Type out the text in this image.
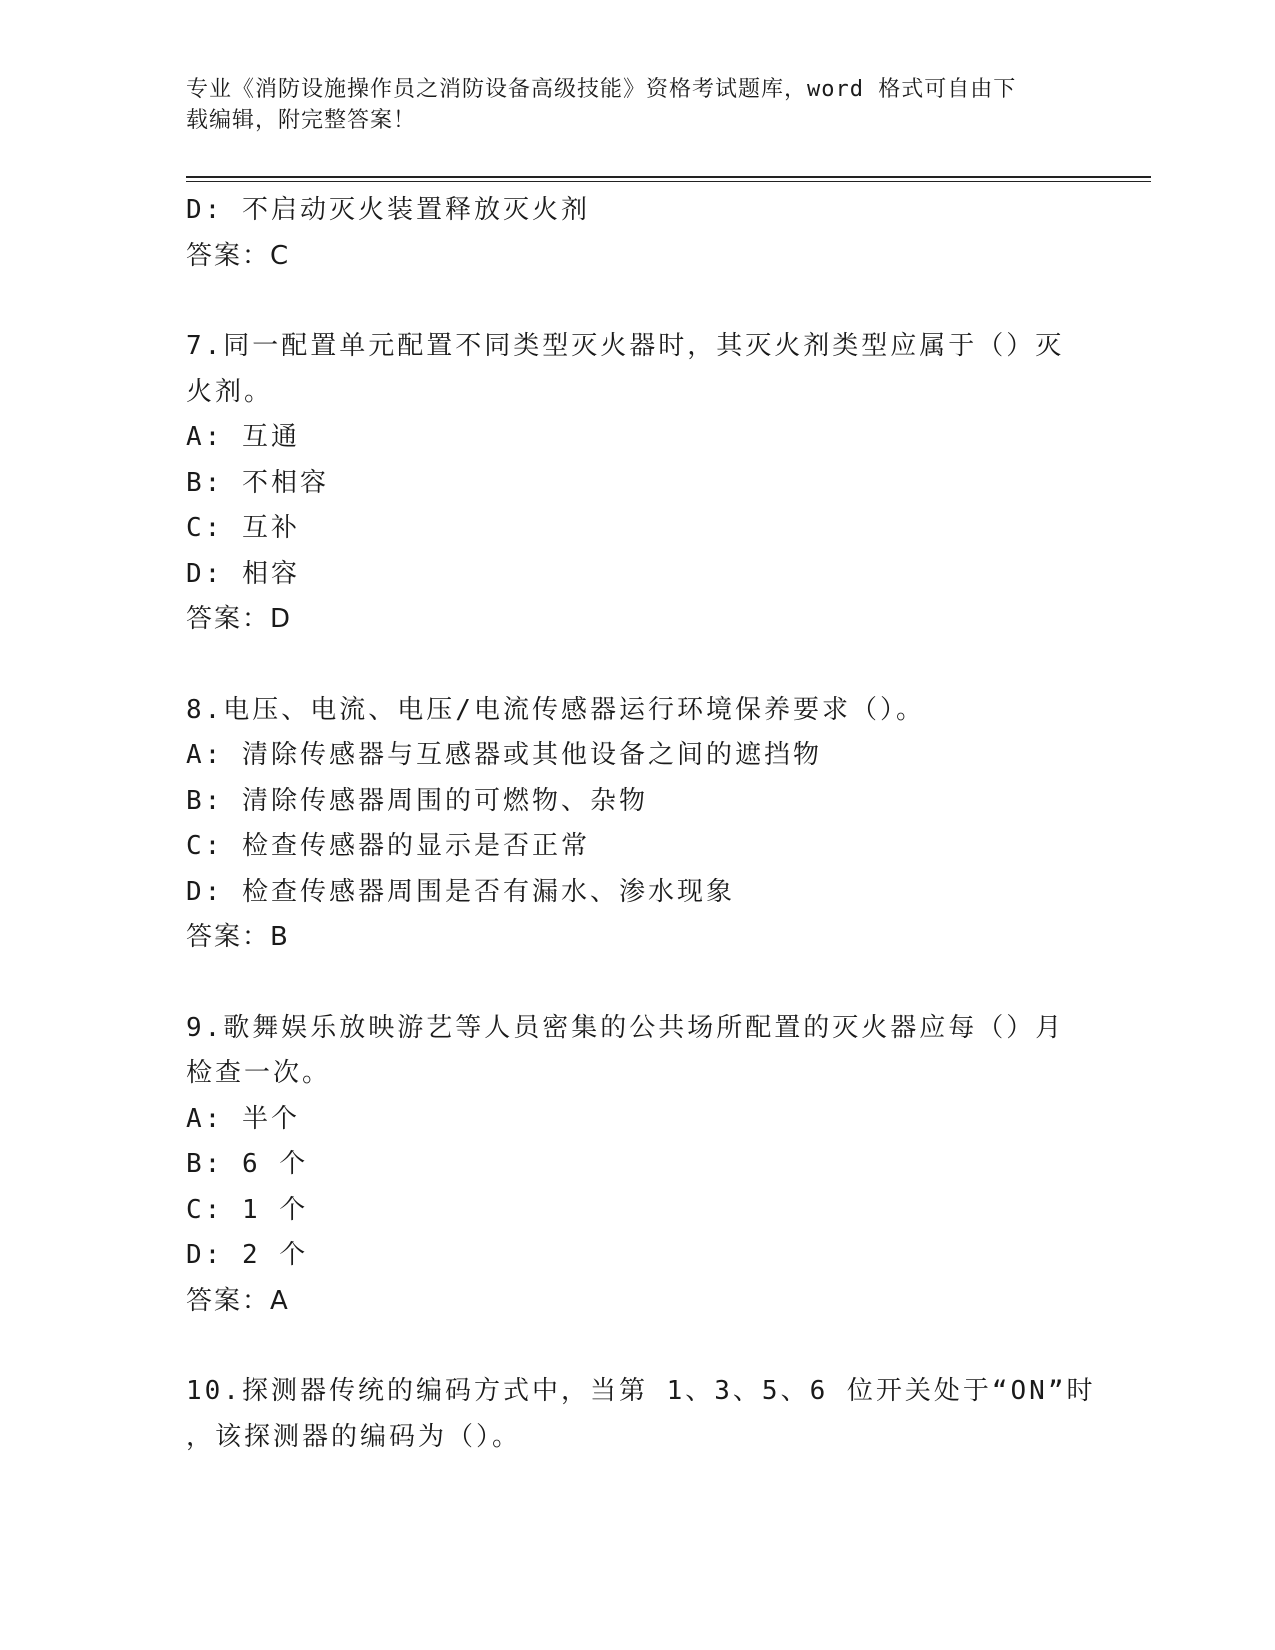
专业《消防设施操作员之消防设备高级技能》资格考试题库，word 格式可自由下
载编辑，附完整答案！
D: 不启动灭火装置释放灭火剂
答案：C
7.同一配置单元配置不同类型灭火器时，其灭火剂类型应属于（）灭
火剂。
A: 互通
B: 不相容
C: 互补
D: 相容
答案：D
8.电压、电流、电压/电流传感器运行环境保养要求（）。
A: 清除传感器与互感器或其他设备之间的遮挡物
B: 清除传感器周围的可燃物、杂物
C: 检查传感器的显示是否正常
D: 检查传感器周围是否有漏水、渗水现象
答案：B
9.歌舞娱乐放映游艺等人员密集的公共场所配置的灭火器应每（）月
检查一次。
A: 半个
B: 6 个
C: 1 个
D: 2 个
答案：A
10.探测器传统的编码方式中，当第 1、3、5、6 位开关处于“ON”时
，该探测器的编码为（）。
